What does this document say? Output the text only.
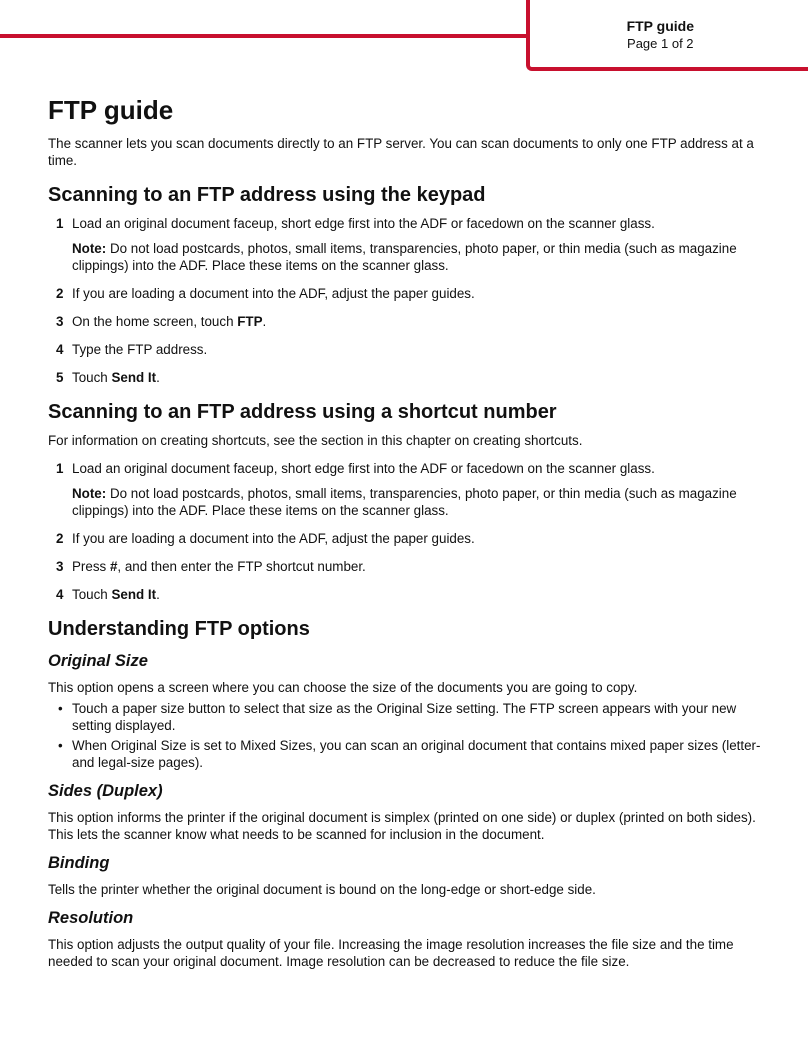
FTP guide
Page 1 of 2
FTP guide

The scanner lets you scan documents directly to an FTP server. You can scan documents to only one FTP address at a time.

Scanning to an FTP address using the keypad
1 Load an original document faceup, short edge first into the ADF or facedown on the scanner glass.

Note: Do not load postcards, photos, small items, transparencies, photo paper, or thin media (such as magazine clippings) into the ADF. Place these items on the scanner glass.

2 If you are loading a document into the ADF, adjust the paper guides.
3 On the home screen, touch FTP.
4 Type the FTP address.
5 Touch Send It.
Scanning to an FTP address using a shortcut number

For information on creating shortcuts, see the section in this chapter on creating shortcuts.

1 Load an original document faceup, short edge first into the ADF or facedown on the scanner glass.

Note: Do not load postcards, photos, small items, transparencies, photo paper, or thin media (such as magazine clippings) into the ADF. Place these items on the scanner glass.

2 If you are loading a document into the ADF, adjust the paper guides.
3 Press #, and then enter the FTP shortcut number.
4 Touch Send It.
Understanding FTP options
Original Size

This option opens a screen where you can choose the size of the documents you are going to copy.

• Touch a paper size button to select that size as the Original Size setting. The FTP screen appears with your new setting displayed.
• When Original Size is set to Mixed Sizes, you can scan an original document that contains mixed paper sizes (letter- and legal-size pages).
Sides (Duplex)

This option informs the printer if the original document is simplex (printed on one side) or duplex (printed on both sides). This lets the scanner know what needs to be scanned for inclusion in the document.

Binding

Tells the printer whether the original document is bound on the long-edge or short-edge side.

Resolution

This option adjusts the output quality of your file. Increasing the image resolution increases the file size and the time needed to scan your original document. Image resolution can be decreased to reduce the file size.
